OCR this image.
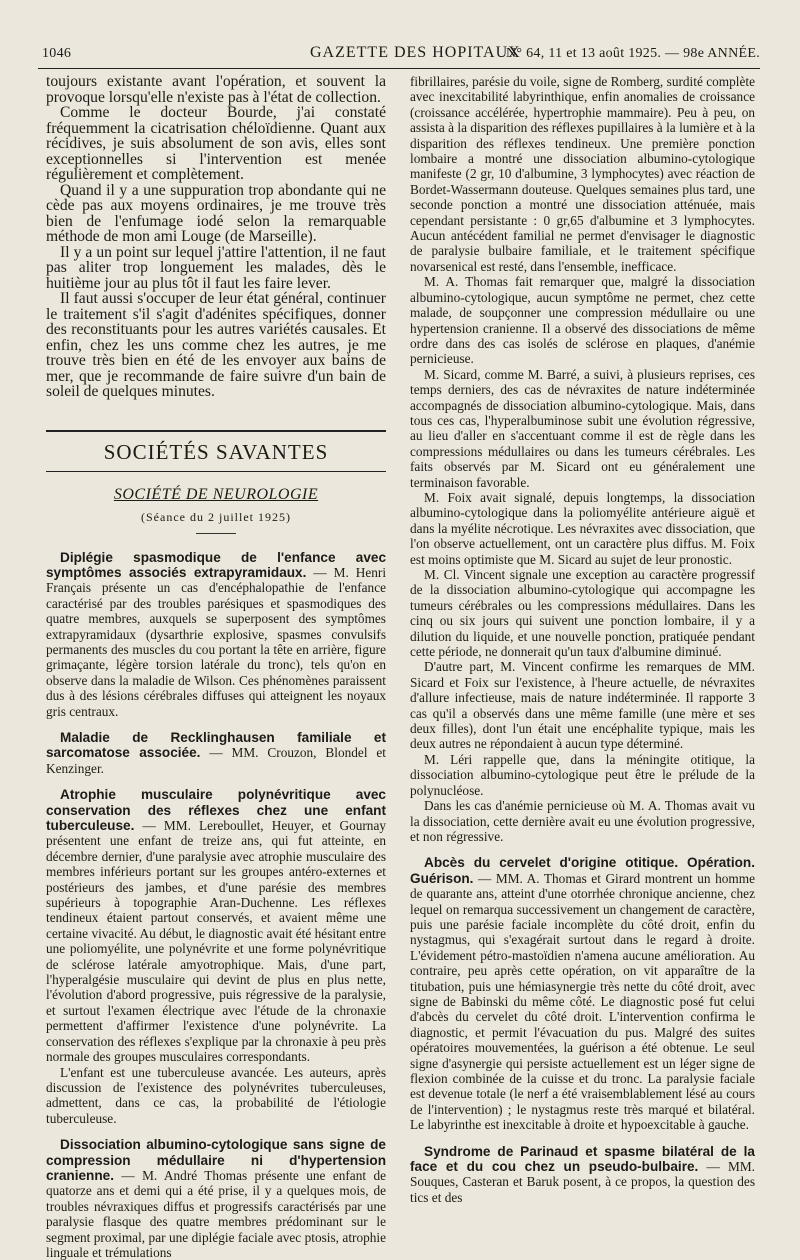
1046	GAZETTE DES HOPITAUX
N° 64, 11 et 13 août 1925. — 98e ANNÉE.

toujours existante avant l'opération, et souvent la provoque lorsqu'elle n'existe pas à l'état de collection.

Comme le docteur Bourde, j'ai constaté fréquemment la cicatrisation chéloïdienne. Quant aux récidives, je suis absolument de son avis, elles sont exceptionnelles si l'intervention est menée régulièrement et complètement.

Quand il y a une suppuration trop abondante qui ne cède pas aux moyens ordinaires, je me trouve très bien de l'enfumage iodé selon la remarquable méthode de mon ami Louge (de Marseille).

Il y a un point sur lequel j'attire l'attention, il ne faut pas aliter trop longuement les malades, dès le huitième jour au plus tôt il faut les faire lever.

Il faut aussi s'occuper de leur état général, continuer le traitement s'il s'agit d'adénites spécifiques, donner des reconstituants pour les autres variétés causales. Et enfin, chez les uns comme chez les autres, je me trouve très bien en été de les envoyer aux bains de mer, que je recommande de faire suivre d'un bain de soleil de quelques minutes.

SOCIÉTÉS SAVANTES
SOCIÉTÉ DE NEUROLOGIE
(Séance du 2 juillet 1925)

Diplégie spasmodique de l'enfance avec symptômes associés extrapyramidaux. — M. Henri Français présente un cas d'encéphalopathie de l'enfance caractérisé par des troubles parésiques et spasmodiques des quatre membres, auxquels se superposent des symptômes extrapyramidaux (dysarthrie explosive, spasmes convulsifs permanents des muscles du cou portant la tête en arrière, figure grimaçante, légère torsion latérale du tronc), tels qu'on en observe dans la maladie de Wilson. Ces phénomènes paraissent dus à des lésions cérébrales diffuses qui atteignent les noyaux gris centraux.

Maladie de Recklinghausen familiale et sarcomatose associée. — MM. Crouzon, Blondel et Kenzinger.

Atrophie musculaire polynévritique avec conservation des réflexes chez une enfant tuberculeuse. — MM. Lereboullet, Heuyer, et Gournay présentent une enfant de treize ans, qui fut atteinte, en décembre dernier, d'une paralysie avec atrophie musculaire des membres inférieurs portant sur les groupes antéro-externes et postérieurs des jambes, et d'une parésie des membres supérieurs à topographie Aran-Duchenne. Les réflexes tendineux étaient partout conservés, et avaient même une certaine vivacité. Au début, le diagnostic avait été hésitant entre une poliomyélite, une polynévrite et une forme polynévritique de sclérose latérale amyotrophique. Mais, d'une part, l'hyperalgésie musculaire qui devint de plus en plus nette, l'évolution d'abord progressive, puis régressive de la paralysie, et surtout l'examen électrique avec l'étude de la chronaxie permettent d'affirmer l'existence d'une polynévrite. La conservation des réflexes s'explique par la chronaxie à peu près normale des groupes musculaires correspondants.

L'enfant est une tuberculeuse avancée. Les auteurs, après discussion de l'existence des polynévrites tuberculeuses, admettent, dans ce cas, la probabilité de l'étiologie tuberculeuse.

Dissociation albumino-cytologique sans signe de compression médullaire ni d'hypertension cranienne. — M. André Thomas présente une enfant de quatorze ans et demi qui a été prise, il y a quelques mois, de troubles névraxiques diffus et progressifs caractérisés par une paralysie flasque des quatre membres prédominant sur le segment proximal, par une diplégie faciale avec ptosis, atrophie linguale et trémulations

fibrillaires, parésie du voile, signe de Romberg, surdité complète avec inexcitabilité labyrinthique, enfin anomalies de croissance (croissance accélérée, hypertrophie mammaire). Peu à peu, on assista à la disparition des réflexes pupillaires à la lumière et à la disparition des réflexes tendineux. Une première ponction lombaire a montré une dissociation albumino-cytologique manifeste (2 gr, 10 d'albumine, 3 lymphocytes) avec réaction de Bordet-Wassermann douteuse. Quelques semaines plus tard, une seconde ponction a montré une dissociation atténuée, mais cependant persistante : 0 gr,65 d'albumine et 3 lymphocytes. Aucun antécédent familial ne permet d'envisager le diagnostic de paralysie bulbaire familiale, et le traitement spécifique novarsenical est resté, dans l'ensemble, inefficace.

M. A. Thomas fait remarquer que, malgré la dissociation albumino-cytologique, aucun symptôme ne permet, chez cette malade, de soupçonner une compression médullaire ou une hypertension cranienne. Il a observé des dissociations de même ordre dans des cas isolés de sclérose en plaques, d'anémie pernicieuse.

M. Sicard, comme M. Barré, a suivi, à plusieurs reprises, ces temps derniers, des cas de névraxites de nature indéterminée accompagnés de dissociation albumino-cytologique. Mais, dans tous ces cas, l'hyperalbuminose subit une évolution régressive, au lieu d'aller en s'accentuant comme il est de règle dans les compressions médullaires ou dans les tumeurs cérébrales. Les faits observés par M. Sicard ont eu généralement une terminaison favorable.

M. Foix avait signalé, depuis longtemps, la dissociation albumino-cytologique dans la poliomyélite antérieure aiguë et dans la myélite nécrotique. Les névraxites avec dissociation, que l'on observe actuellement, ont un caractère plus diffus. M. Foix est moins optimiste que M. Sicard au sujet de leur pronostic.

M. Cl. Vincent signale une exception au caractère progressif de la dissociation albumino-cytologique qui accompagne les tumeurs cérébrales ou les compressions médullaires. Dans les cinq ou six jours qui suivent une ponction lombaire, il y a dilution du liquide, et une nouvelle ponction, pratiquée pendant cette période, ne donnerait qu'un taux d'albumine diminué.

D'autre part, M. Vincent confirme les remarques de MM. Sicard et Foix sur l'existence, à l'heure actuelle, de névraxites d'allure infectieuse, mais de nature indéterminée. Il rapporte 3 cas qu'il a observés dans une même famille (une mère et ses deux filles), dont l'un était une encéphalite typique, mais les deux autres ne répondaient à aucun type déterminé.

M. Léri rappelle que, dans la méningite otitique, la dissociation albumino-cytologique peut être le prélude de la polynucléose.

Dans les cas d'anémie pernicieuse où M. A. Thomas avait vu la dissociation, cette dernière avait eu une évolution progressive, et non régressive.

Abcès du cervelet d'origine otitique. Opération. Guérison. — MM. A. Thomas et Girard montrent un homme de quarante ans, atteint d'une otorrhée chronique ancienne, chez lequel on remarqua successivement un changement de caractère, puis une parésie faciale incomplète du côté droit, enfin du nystagmus, qui s'exagérait surtout dans le regard à droite. L'évidement pétro-mastoïdien n'amena aucune amélioration. Au contraire, peu après cette opération, on vit apparaître de la titubation, puis une hémiasynergie très nette du côté droit, avec signe de Babinski du même côté. Le diagnostic posé fut celui d'abcès du cervelet du côté droit. L'intervention confirma le diagnostic, et permit l'évacuation du pus. Malgré des suites opératoires mouvementées, la guérison a été obtenue. Le seul signe d'asynergie qui persiste actuellement est un léger signe de flexion combinée de la cuisse et du tronc. La paralysie faciale est devenue totale (le nerf a été vraisemblablement lésé au cours de l'intervention) ; le nystagmus reste très marqué et bilatéral. Le labyrinthe est inexcitable à droite et hypoexcitable à gauche.

Syndrome de Parinaud et spasme bilatéral de la face et du cou chez un pseudo-bulbaire. — MM. Souques, Casteran et Baruk posent, à ce propos, la question des tics et des
